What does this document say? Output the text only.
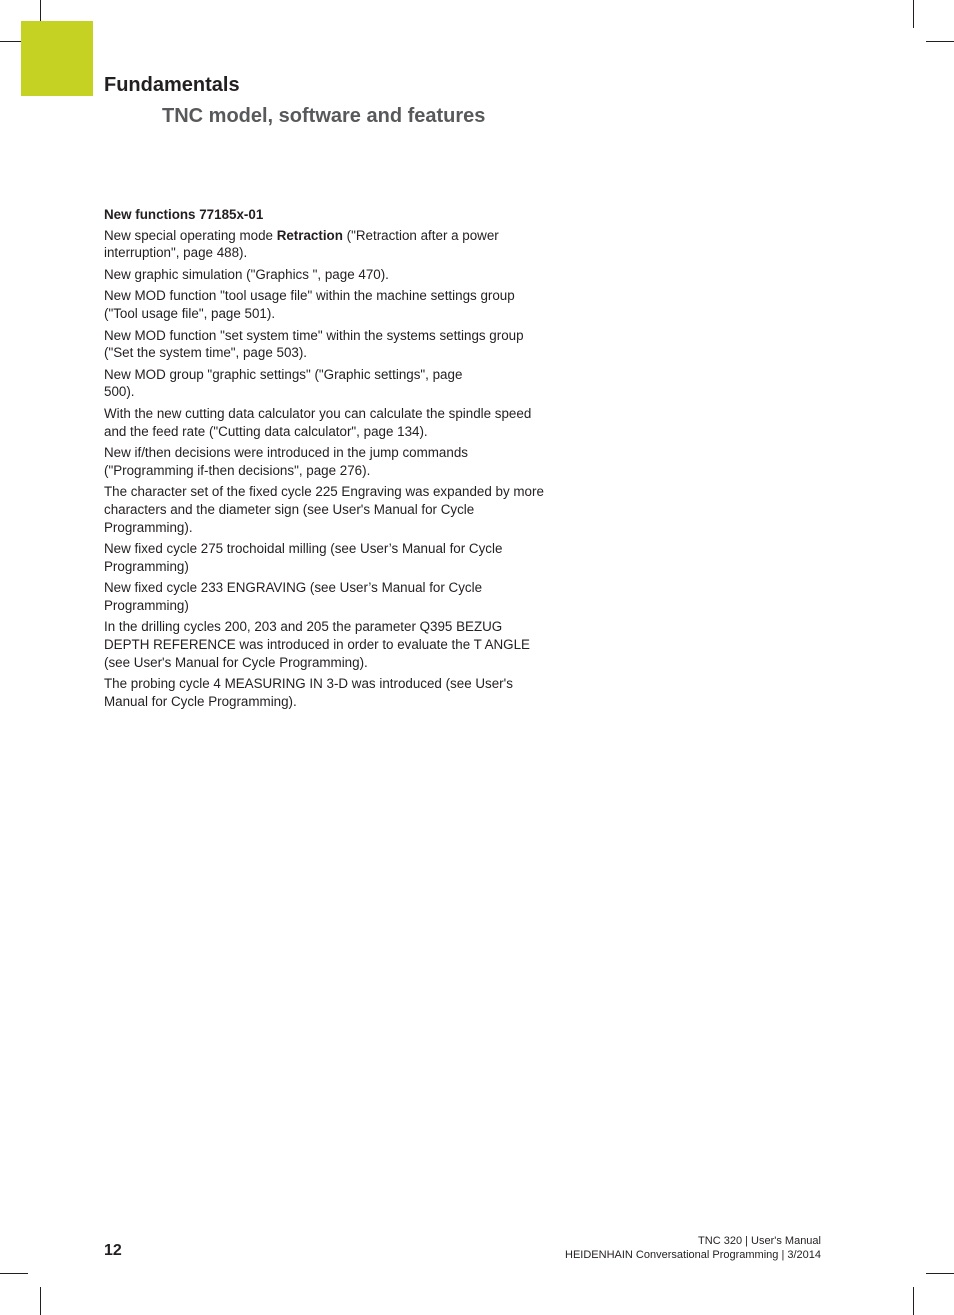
Fundamentals
TNC model, software and features
New functions 77185x-01

New special operating mode Retraction ("Retraction after a power interruption", page 488).

New graphic simulation ("Graphics ", page 470).

New MOD function "tool usage file" within the machine settings group ("Tool usage file", page 501).

New MOD function "set system time" within the systems settings group ("Set the system time", page 503).

New MOD group "graphic settings" ("Graphic settings", page 500).

With the new cutting data calculator you can calculate the spindle speed and the feed rate ("Cutting data calculator", page 134).

New if/then decisions were introduced in the jump commands ("Programming if-then decisions", page 276).

The character set of the fixed cycle 225 Engraving was expanded by more characters and the diameter sign (see User's Manual for Cycle Programming).

New fixed cycle 275 trochoidal milling (see User’s Manual for Cycle Programming)

New fixed cycle 233 ENGRAVING (see User’s Manual for Cycle Programming)

In the drilling cycles 200, 203 and 205 the parameter Q395 BEZUG DEPTH REFERENCE was introduced in order to evaluate the T ANGLE (see User's Manual for Cycle Programming).

The probing cycle 4 MEASURING IN 3-D was introduced (see User's Manual for Cycle Programming).

12

TNC 320 | User's Manual
HEIDENHAIN Conversational Programming | 3/2014
